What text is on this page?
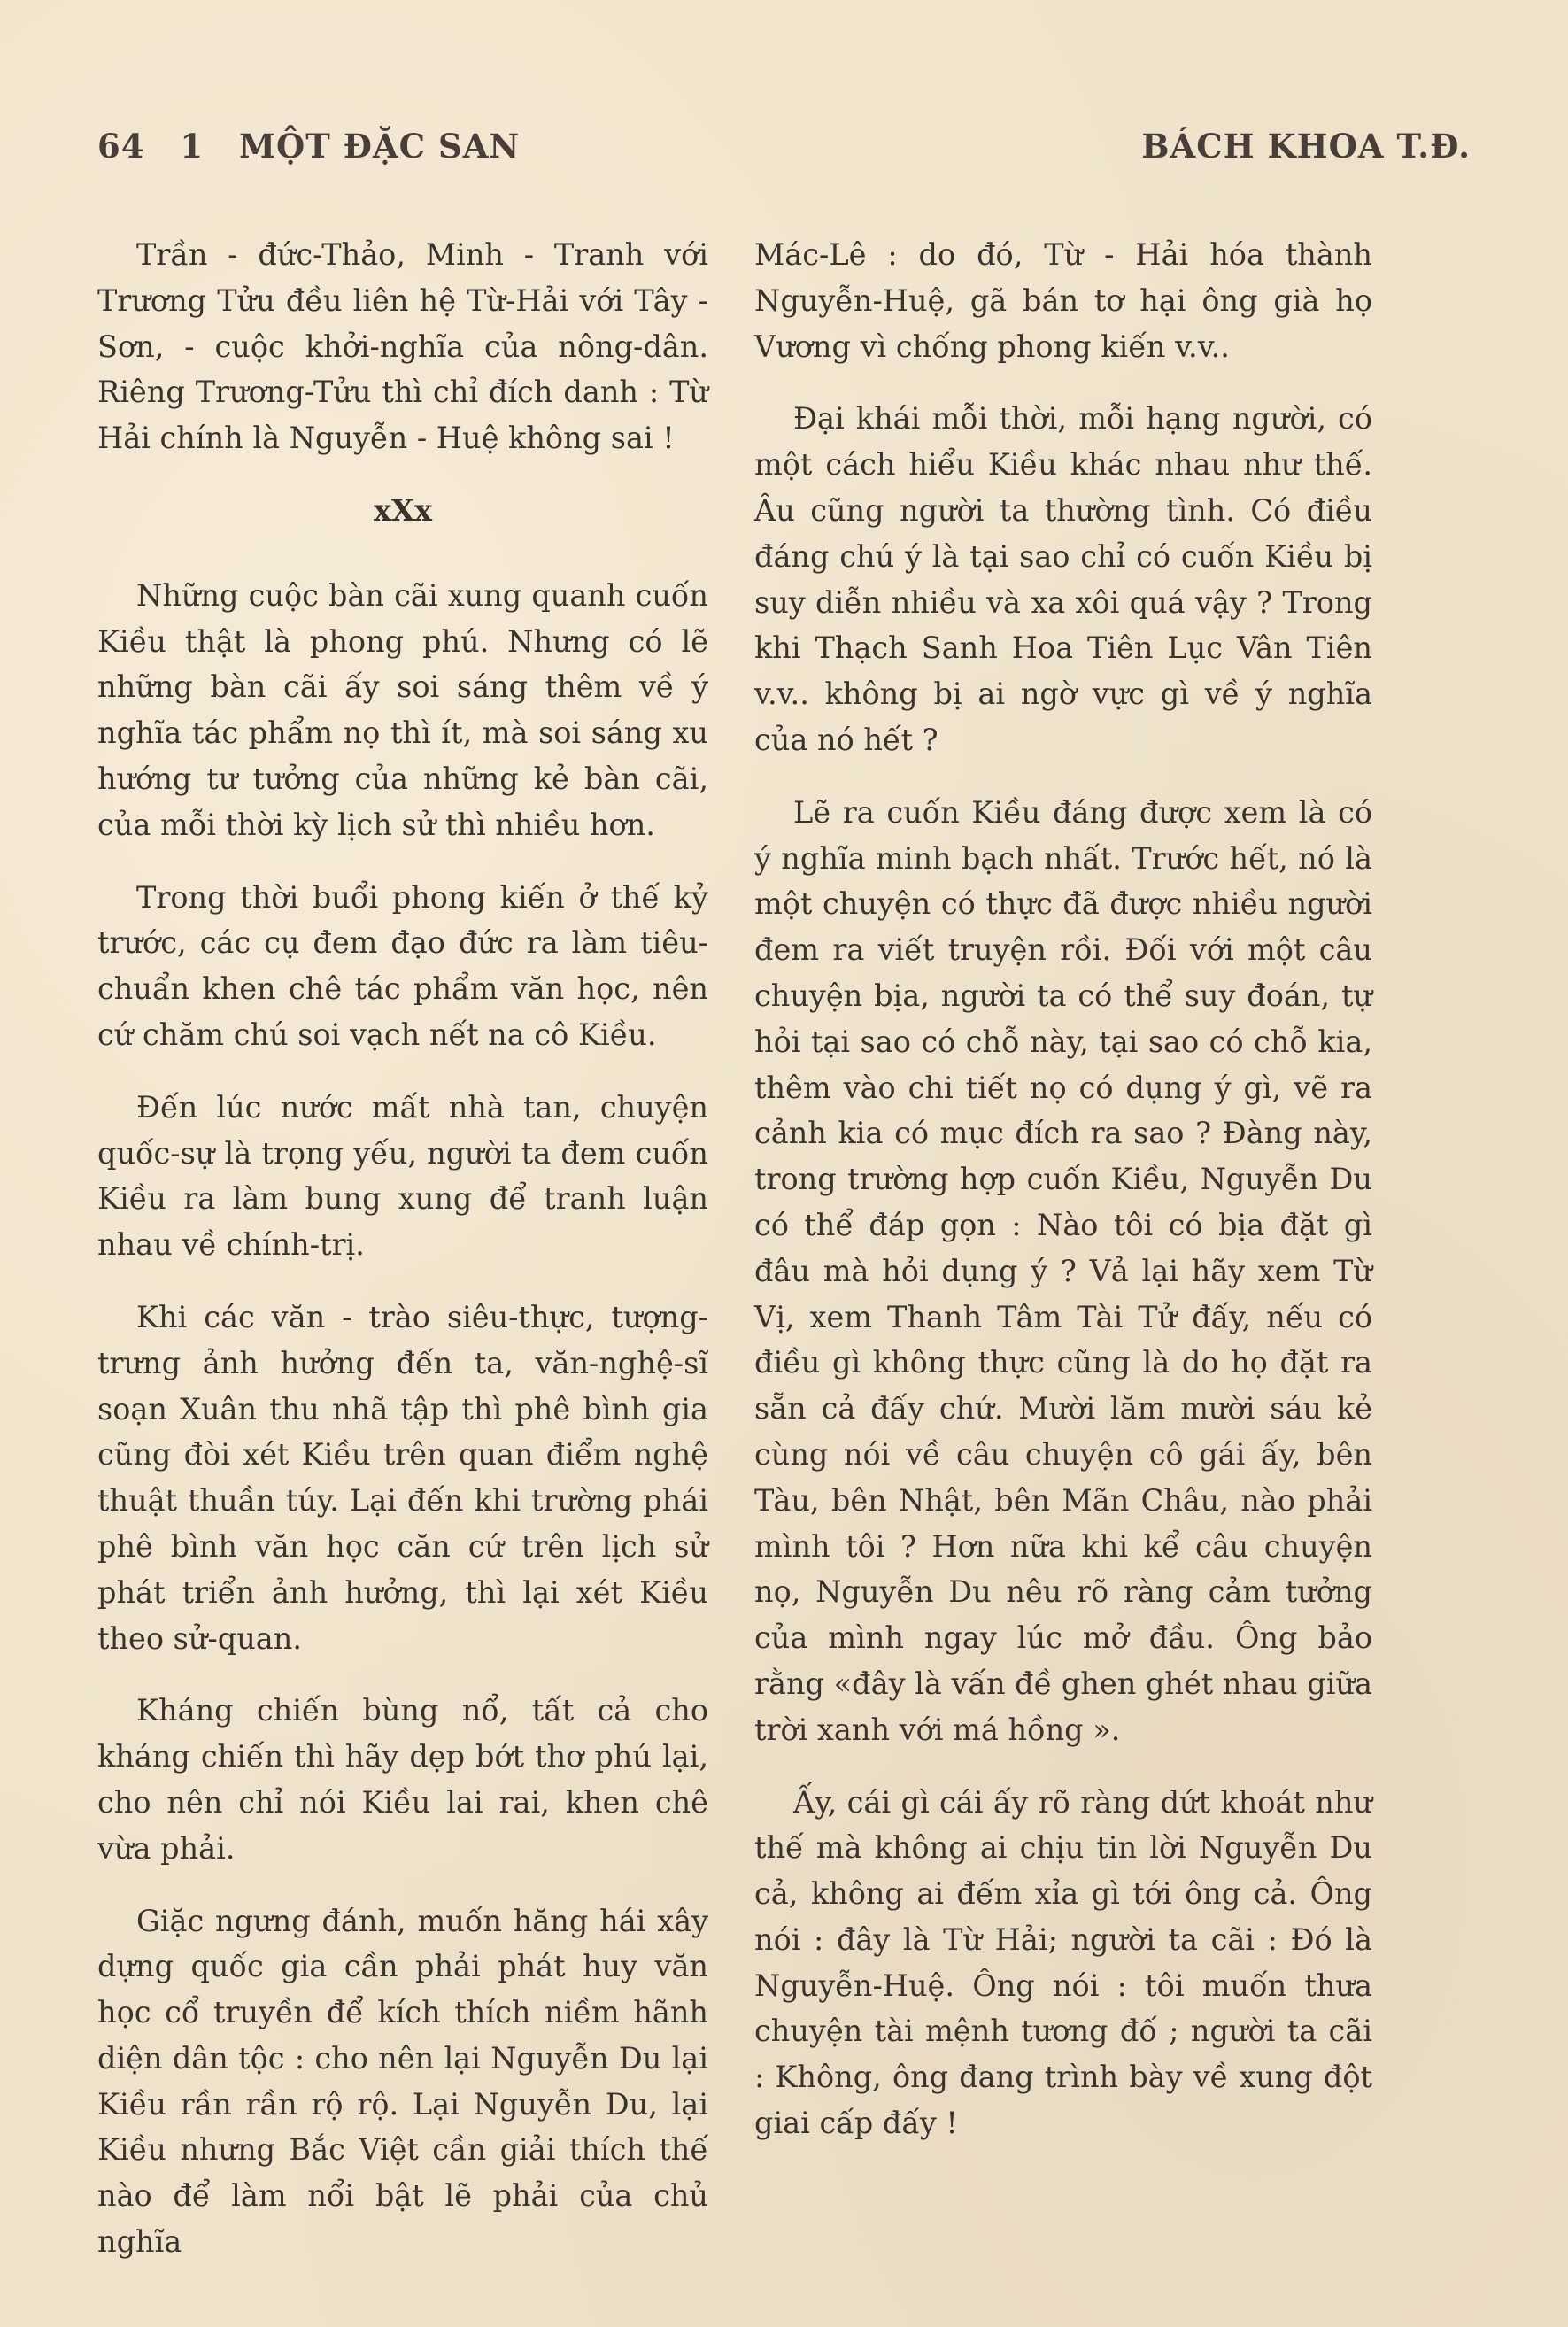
64 1 MỘT ĐẶC SAN	BÁCH KHOA T.Đ.

Trần - đức-Thảo, Minh - Tranh với Trương Tửu đều liên hệ Từ-Hải với Tây - Sơn, - cuộc khởi-nghĩa của nông-dân. Riêng Trương-Tửu thì chỉ đích danh : Từ Hải chính là Nguyễn - Huệ không sai !

xXx

Những cuộc bàn cãi xung quanh cuốn Kiều thật là phong phú. Nhưng có lẽ những bàn cãi ấy soi sáng thêm về ý nghĩa tác phẩm nọ thì ít, mà soi sáng xu hướng tư tưởng của những kẻ bàn cãi, của mỗi thời kỳ lịch sử thì nhiều hơn.

Trong thời buổi phong kiến ở thế kỷ trước, các cụ đem đạo đức ra làm tiêu-chuẩn khen chê tác phẩm văn học, nên cứ chăm chú soi vạch nết na cô Kiều.

Đến lúc nước mất nhà tan, chuyện quốc-sự là trọng yếu, người ta đem cuốn Kiều ra làm bung xung để tranh luận nhau về chính-trị.

Khi các văn - trào siêu-thực, tượng-trưng ảnh hưởng đến ta, văn-nghệ-sĩ soạn Xuân thu nhã tập thì phê bình gia cũng đòi xét Kiều trên quan điểm nghệ thuật thuần túy. Lại đến khi trường phái phê bình văn học căn cứ trên lịch sử phát triển ảnh hưởng, thì lại xét Kiều theo sử-quan.

Kháng chiến bùng nổ, tất cả cho kháng chiến thì hãy dẹp bớt thơ phú lại, cho nên chỉ nói Kiều lai rai, khen chê vừa phải.

Giặc ngưng đánh, muốn hăng hái xây dựng quốc gia cần phải phát huy văn học cổ truyền để kích thích niềm hãnh diện dân tộc : cho nên lại Nguyễn Du lại Kiều rần rần rộ rộ. Lại Nguyễn Du, lại Kiều nhưng Bắc Việt cần giải thích thế nào để làm nổi bật lẽ phải của chủ nghĩa

Mác-Lê : do đó, Từ - Hải hóa thành Nguyễn-Huệ, gã bán tơ hại ông già họ Vương vì chống phong kiến v.v..

Đại khái mỗi thời, mỗi hạng người, có một cách hiểu Kiều khác nhau như thế. Âu cũng người ta thường tình. Có điều đáng chú ý là tại sao chỉ có cuốn Kiều bị suy diễn nhiều và xa xôi quá vậy ? Trong khi Thạch Sanh Hoa Tiên Lục Vân Tiên v.v.. không bị ai ngờ vực gì về ý nghĩa của nó hết ?

Lẽ ra cuốn Kiều đáng được xem là có ý nghĩa minh bạch nhất. Trước hết, nó là một chuyện có thực đã được nhiều người đem ra viết truyện rồi. Đối với một câu chuyện bịa, người ta có thể suy đoán, tự hỏi tại sao có chỗ này, tại sao có chỗ kia, thêm vào chi tiết nọ có dụng ý gì, vẽ ra cảnh kia có mục đích ra sao ? Đàng này, trong trường hợp cuốn Kiều, Nguyễn Du có thể đáp gọn : Nào tôi có bịa đặt gì đâu mà hỏi dụng ý ? Vả lại hãy xem Từ Vị, xem Thanh Tâm Tài Tử đấy, nếu có điều gì không thực cũng là do họ đặt ra sẵn cả đấy chứ. Mười lăm mười sáu kẻ cùng nói về câu chuyện cô gái ấy, bên Tàu, bên Nhật, bên Mãn Châu, nào phải mình tôi ? Hơn nữa khi kể câu chuyện nọ, Nguyễn Du nêu rõ ràng cảm tưởng của mình ngay lúc mở đầu. Ông bảo rằng «đây là vấn đề ghen ghét nhau giữa trời xanh với má hồng ».

Ấy, cái gì cái ấy rõ ràng dứt khoát như thế mà không ai chịu tin lời Nguyễn Du cả, không ai đếm xỉa gì tới ông cả. Ông nói : đây là Từ Hải; người ta cãi : Đó là Nguyễn-Huệ. Ông nói : tôi muốn thưa chuyện tài mệnh tương đố ; người ta cãi : Không, ông đang trình bày về xung đột giai cấp đấy !
